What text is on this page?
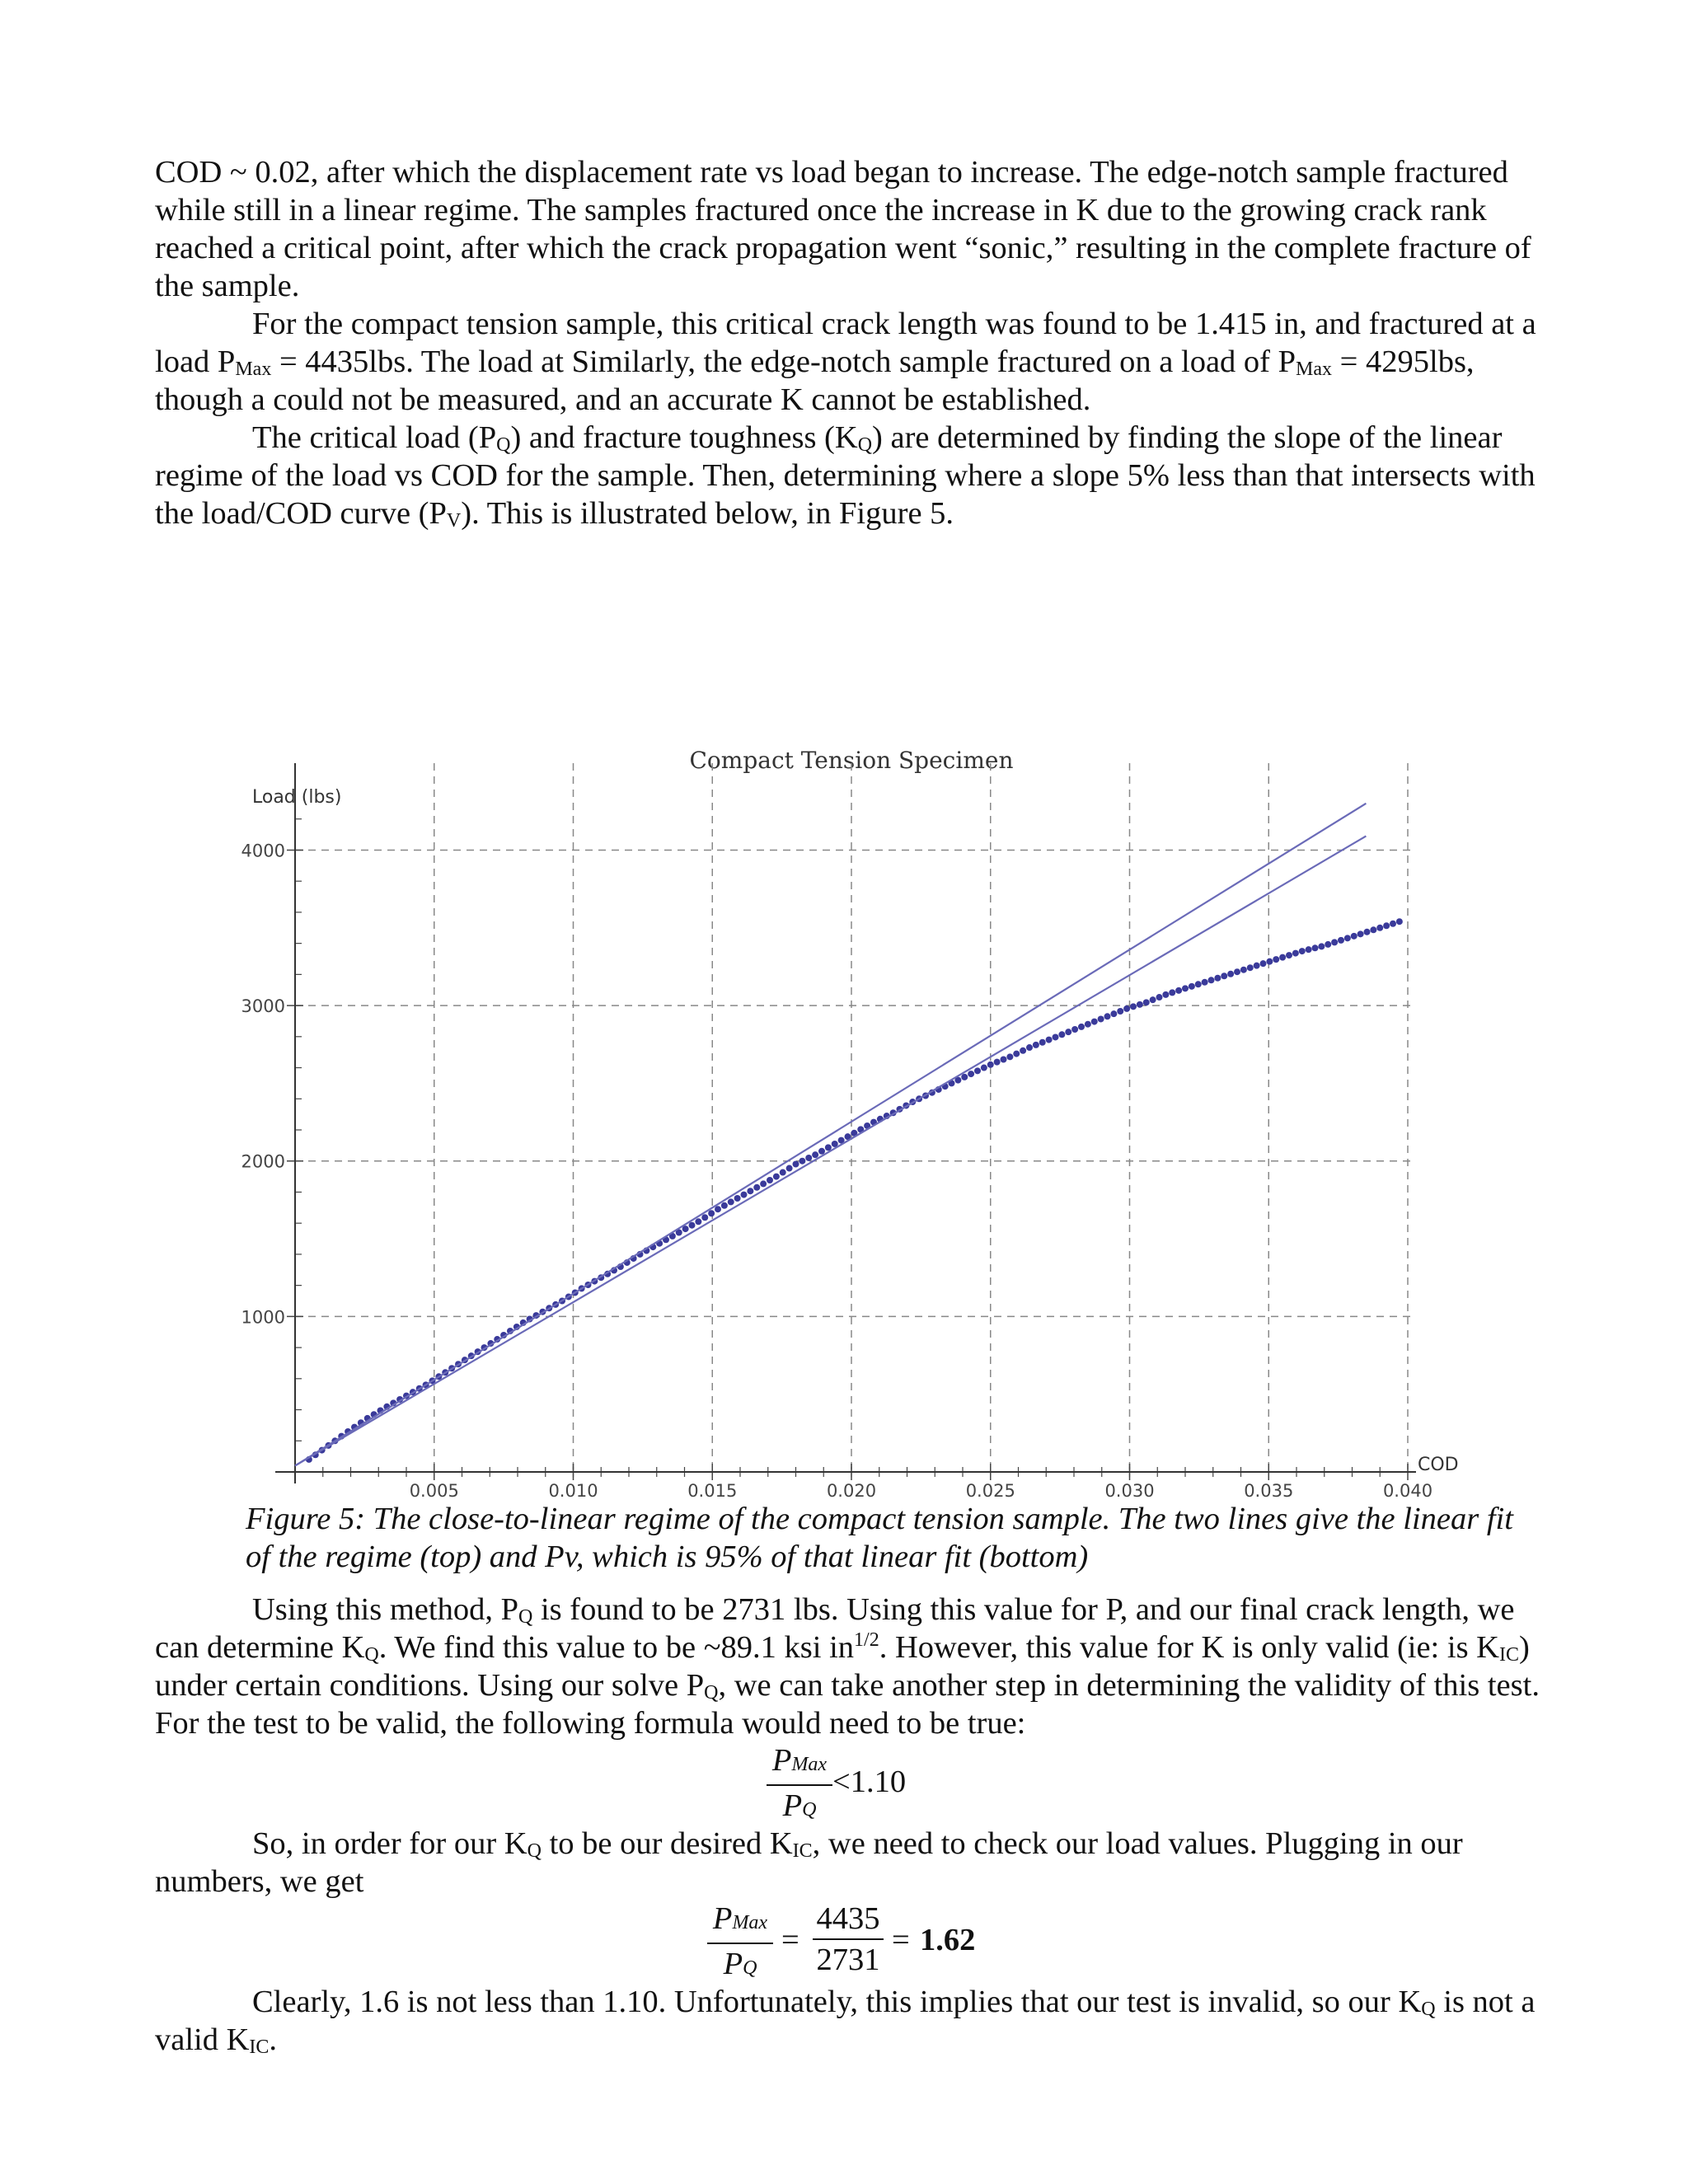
COD ~ 0.02, after which the displacement rate vs load began to increase. The edge-notch sample fractured while still in a linear regime. The samples fractured once the increase in K due to the growing crack rank reached a critical point, after which the crack propagation went “sonic,” resulting in the complete fracture of the sample.

For the compact tension sample, this critical crack length was found to be 1.415 in, and fractured at a load $P_{Max} = 4435lbs$. The load at Similarly, the edge-notch sample fractured on a load of $P_{Max} = 4295lbs$, though a could not be measured, and an accurate K cannot be established.

The critical load $(P_Q)$ and fracture toughness $(K_Q)$ are determined by finding the slope of the linear regime of the load vs COD for the sample. Then, determining where a slope 5% less than that intersects with the load/COD curve $(P_V)$. This is illustrated below, in Figure 5.

Compact Tension Specimen
Load (lbs)
COD
0.005	0.010	0.015	0.020	0.025	0.030	0.035	0.040
1000
2000
3000
4000

Figure 5: The close-to-linear regime of the compact tension sample. The two lines give the linear fit of the regime (top) and Pv, which is 95% of that linear fit (bottom)

Using this method, $P_Q$ is found to be 2731 lbs. Using this value for P, and our final crack length, we can determine $K_Q$. We find this value to be ~89.1 ksi $in^{1/2}$. However, this value for K is only valid (ie: is $K_{IC}$) under certain conditions. Using our solve $P_Q$, we can take another step in determining the validity of this test. For the test to be valid, the following formula would need to be true:

PMax
PQ
<1.10

So, in order for our $K_Q$ to be our desired $K_{IC}$, we need to check our load values. Plugging in our numbers, we get

PMax
PQ
=
4435
2731
= 1.62

Clearly, 1.6 is not less than 1.10. Unfortunately, this implies that our test is invalid, so our $K_Q$ is not a valid $K_{IC}$.
